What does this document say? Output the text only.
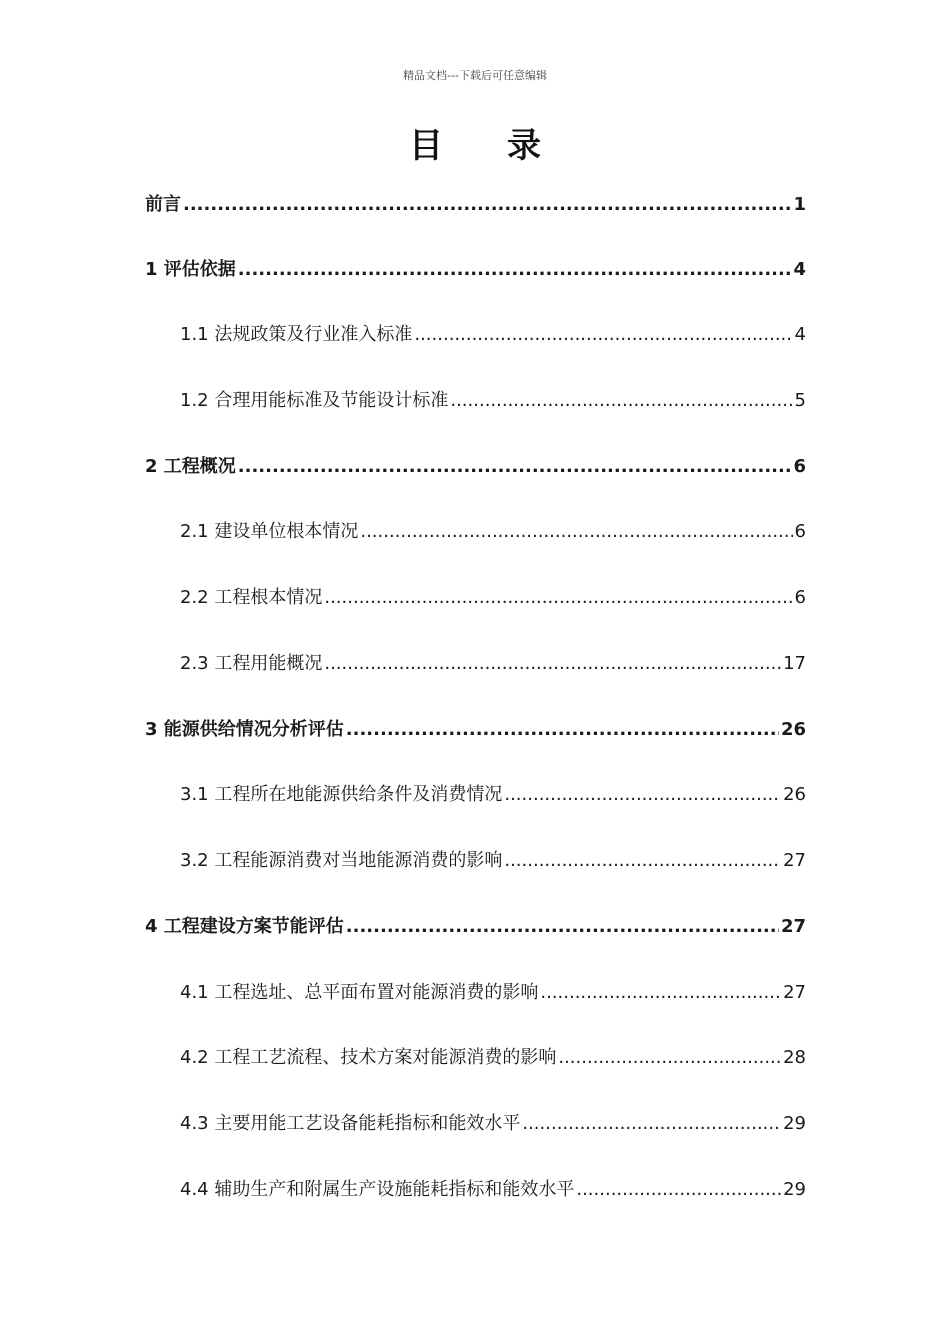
精品文档---下载后可任意编辑
目录
前言 .....	1
1 评估依据 .....	4
1.1 法规政策及行业准入标准 .....	4
1.2 合理用能标准及节能设计标准 .....	5
2 工程概况 .....	6
2.1 建设单位根本情况 .....	6
2.2 工程根本情况 .....	6
2.3 工程用能概况 .....	17
3 能源供给情况分析评估 .....	26
3.1 工程所在地能源供给条件及消费情况 .....	26
3.2 工程能源消费对当地能源消费的影响 .....	27
4 工程建设方案节能评估 .....	27
4.1 工程选址、总平面布置对能源消费的影响 .....	27
4.2 工程工艺流程、技术方案对能源消费的影响 .....	28
4.3 主要用能工艺设备能耗指标和能效水平 .....	29
4.4 辅助生产和附属生产设施能耗指标和能效水平 .....	29
